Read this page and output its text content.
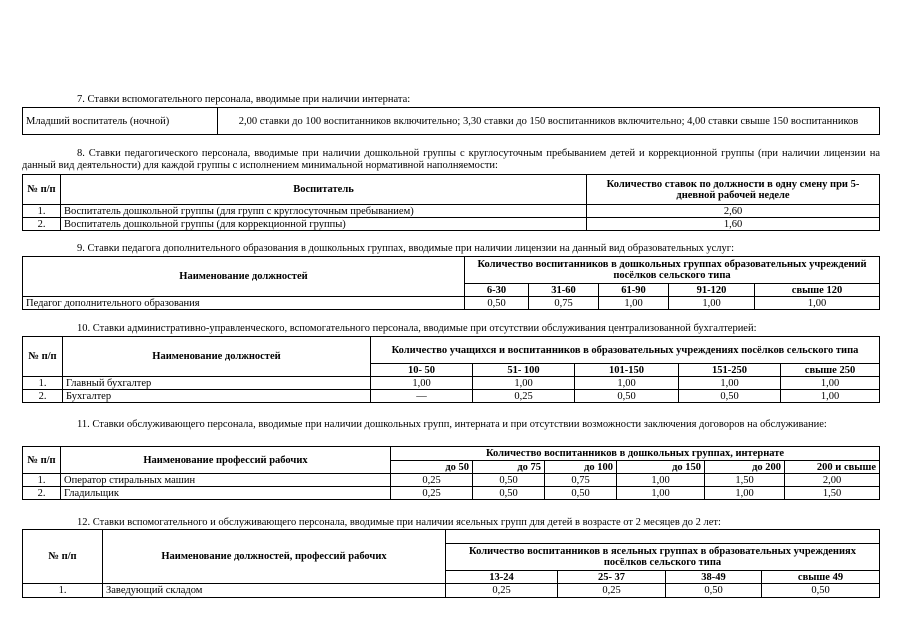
7. Ставки вспомогательного персонала, вводимые при наличии интерната:
Младший воспитатель (ночной)	2,00 ставки до 100 воспитанников включительно; 3,30 ставки до 150 воспитанников включительно; 4,00 ставки свыше 150 воспитанников
8. Ставки педагогического персонала, вводимые при наличии дошкольной группы с круглосуточным пребыванием детей и коррекционной группы (при наличии лицензии на данный вид деятельности) для каждой группы с исполнением минимальной нормативной наполняемости:
№ п/п	Воспитатель	Количество ставок по должности в одну смену при 5-дневной рабочей неделе
1.	Воспитатель дошкольной группы (для групп с круглосуточным пребыванием)	2,60
2.	Воспитатель дошкольной группы (для коррекционной группы)	1,60
9. Ставки педагога дополнительного образования в дошкольных группах, вводимые при наличии лицензии на данный вид образовательных услуг:
Наименование должностей	Количество воспитанников в дошкольных группах образовательных учреждений посёлков сельского типа				
	6-30	31-60	61-90	91-120	свыше 120
Педагог дополнительного образования	0,50	0,75	1,00	1,00	1,00
10. Ставки административно-управленческого, вспомогательного персонала, вводимые при отсутствии обслуживания централизованной бухгалтерией:
№ п/п	Наименование должностей	Количество учащихся и воспитанников в образовательных учреждениях посёлков сельского типа				
		10- 50	51- 100	101-150	151-250	свыше 250
1.	Главный бухгалтер	1,00	1,00	1,00	1,00	1,00
2.	Бухгалтер	—	0,25	0,50	0,50	1,00
11. Ставки обслуживающего персонала, вводимые при наличии дошкольных групп, интерната и при отсутствии возможности заключения договоров на обслуживание:
№ п/п	Наименование профессий рабочих	Количество воспитанников в дошкольных группах, интернате					
		до 50	до 75	до 100	до 150	до 200	200 и свыше
1.	Оператор стиральных машин	0,25	0,50	0,75	1,00	1,50	2,00
2.	Гладильщик	0,25	0,50	0,50	1,00	1,00	1,50
12. Ставки вспомогательного и обслуживающего персонала, вводимые при наличии ясельных групп для детей в возрасте от 2 месяцев до 2 лет:
№ п/п	Наименование должностей, профессий рабочих				
		Количество воспитанников в ясельных группах в образовательных учреждениях посёлков сельского типа			
		13-24	25- 37	38-49	свыше 49
1.	Заведующий складом	0,25	0,25	0,50	0,50
